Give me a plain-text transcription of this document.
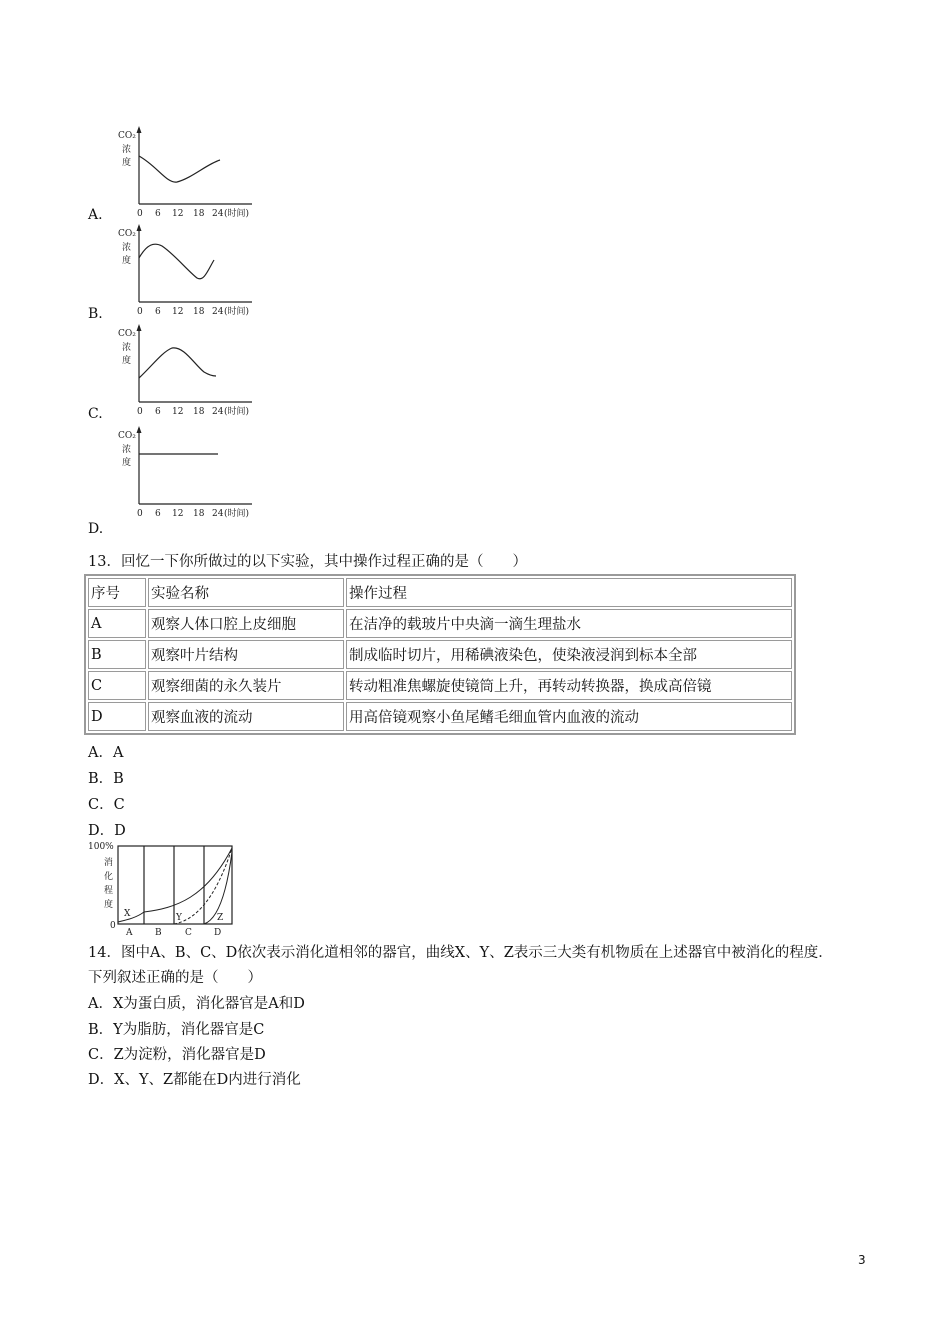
CO₂
浓
度
0 6 12 18 24 (时间)
A.
CO₂
浓
度
0 6 12 18 24 (时间)
B.
CO₂
浓
度
0 6 12 18 24 (时间)
C.
CO₂
浓
度
0 6 12 18 24 (时间)
D.
13．回忆一下你所做过的以下实验，其中操作过程正确的是（　　）
序号	实验名称	操作过程
A	观察人体口腔上皮细胞	在洁净的载玻片中央滴一滴生理盐水
B	观察叶片结构	制成临时切片，用稀碘液染色，使染液浸润到标本全部
C	观察细菌的永久装片	转动粗准焦螺旋使镜筒上升，再转动转换器，换成高倍镜
D	观察血液的流动	用高倍镜观察小鱼尾鳍毛细血管内血液的流动
A．A
B．B
C．C
D．D
100%
消
化
程
度
0
X	Y	Z
A	B	C D
14．图中A、B、C、D依次表示消化道相邻的器官，曲线X、Y、Z表示三大类有机物质在上述器官中被消化的程度．
下列叙述正确的是（　　）
A．X为蛋白质，消化器官是A和D
B．Y为脂肪，消化器官是C
C．Z为淀粉，消化器官是D
D．X、Y、Z都能在D内进行消化
3
